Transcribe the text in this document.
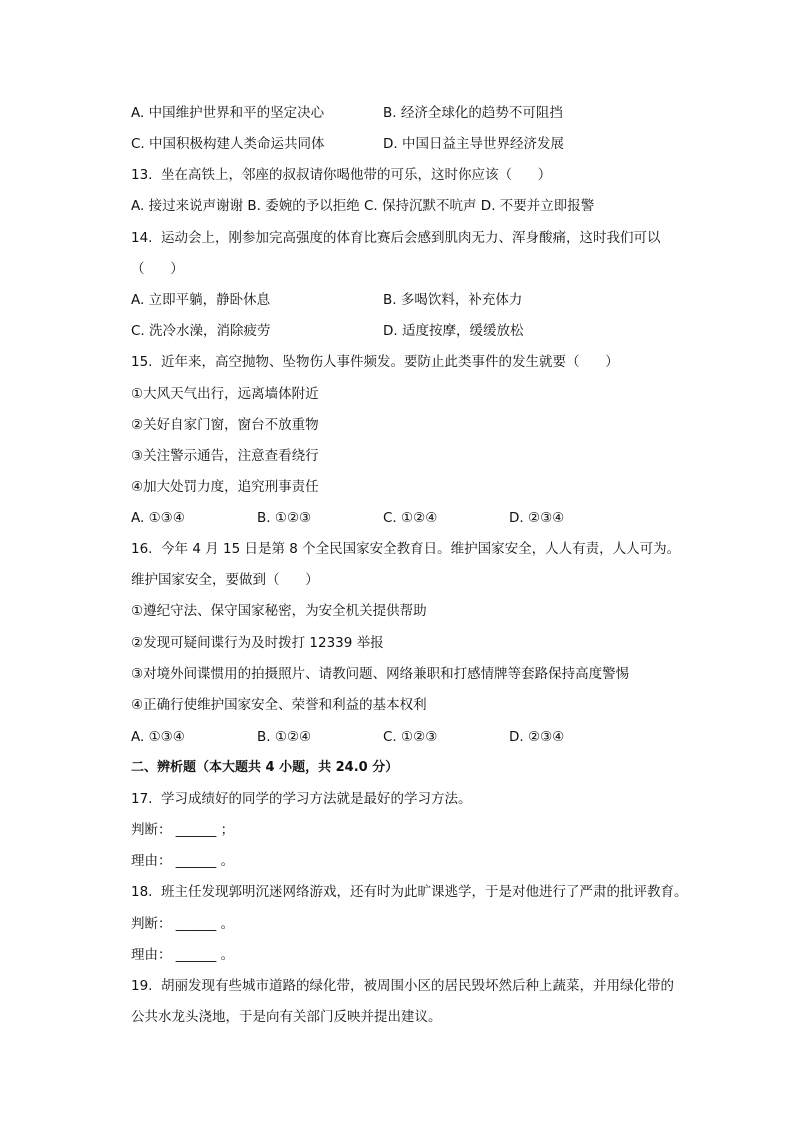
A. 中国维护世界和平的坚定决心	B. 经济全球化的趋势不可阻挡
C. 中国积极构建人类命运共同体	D. 中国日益主导世界经济发展
13.  坐在高铁上，邻座的叔叔请你喝他带的可乐，这时你应该（      ）
A. 接过来说声谢谢 B. 委婉的予以拒绝 C. 保持沉默不吭声 D. 不要并立即报警
14.  运动会上，刚参加完高强度的体育比赛后会感到肌肉无力、浑身酸痛，这时我们可以
（      ）
A. 立即平躺，静卧休息	B. 多喝饮料，补充体力
C. 洗冷水澡，消除疲劳	D. 适度按摩，缓缓放松
15.  近年来，高空抛物、坠物伤人事件频发。要防止此类事件的发生就要（      ）
①大风天气出行，远离墙体附近
②关好自家门窗，窗台不放重物
③关注警示通告，注意查看绕行
④加大处罚力度，追究刑事责任
A. ①③④	B. ①②③	C. ①②④	D. ②③④
16.  今年 4 月 15 日是第 8 个全民国家安全教育日。维护国家安全，人人有责，人人可为。
维护国家安全，要做到（      ）
①遵纪守法、保守国家秘密，为安全机关提供帮助
②发现可疑间谍行为及时拨打 12339 举报
③对境外间谍惯用的拍摄照片、请教问题、网络兼职和打感情牌等套路保持高度警惕
④正确行使维护国家安全、荣誉和利益的基本权利
A. ①③④	B. ①②④	C. ①②③	D. ②③④
二、辨析题（本大题共 4 小题，共 24.0 分）
17.  学习成绩好的同学的学习方法就是最好的学习方法。
判断： ______ ；
理由： ______ 。
18.  班主任发现郭明沉迷网络游戏，还有时为此旷课逃学，于是对他进行了严肃的批评教育。
判断： ______ 。
理由： ______ 。
19.  胡丽发现有些城市道路的绿化带，被周围小区的居民毁坏然后种上蔬菜，并用绿化带的
公共水龙头浇地，于是向有关部门反映并提出建议。
